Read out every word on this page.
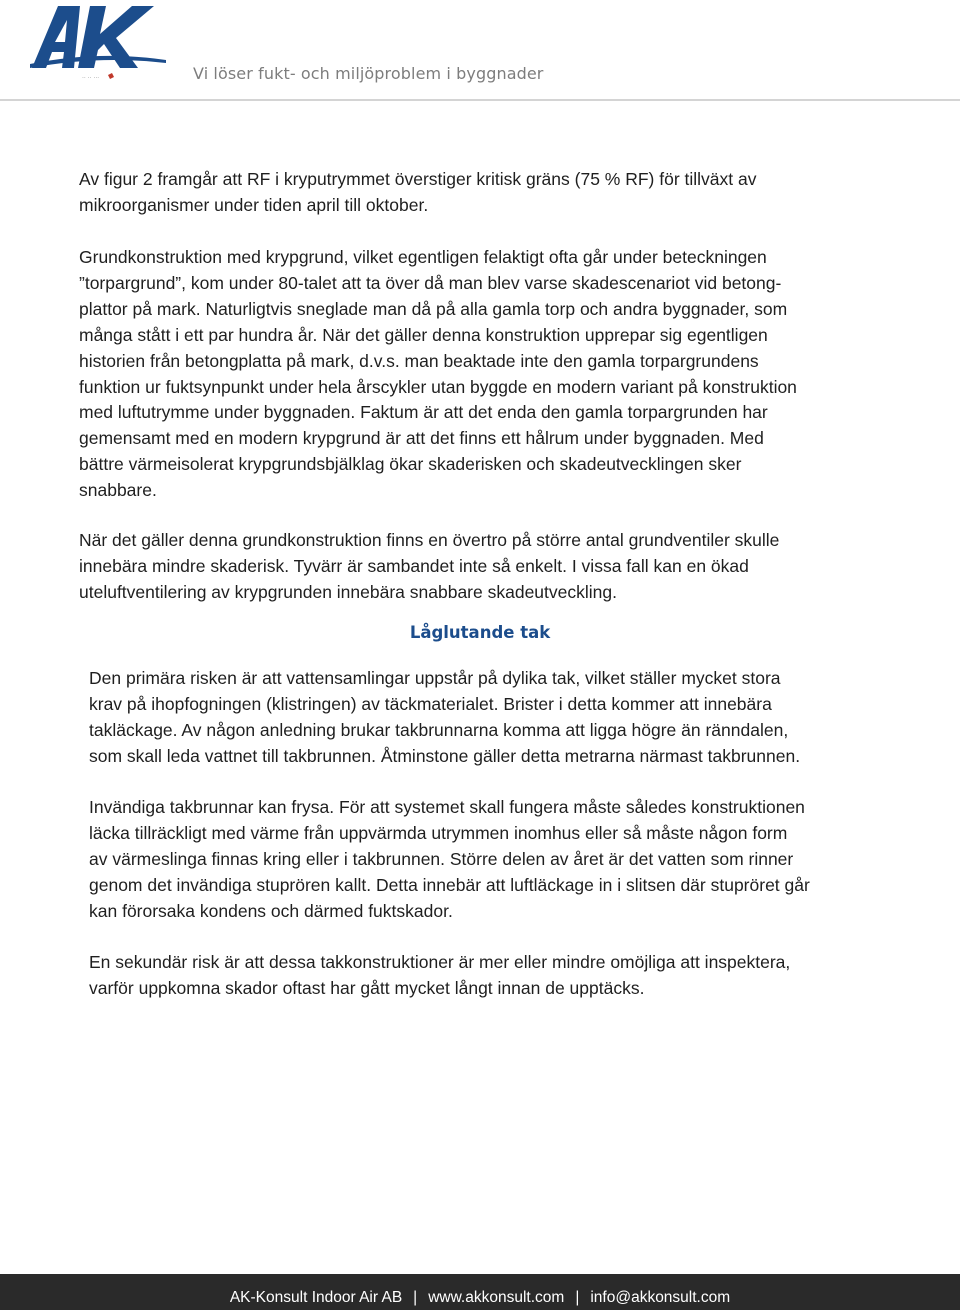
·· ·· ···	Vi löser fukt- och miljöproblem i byggnader
Av figur 2 framgår att RF i kryputrymmet överstiger kritisk gräns (75 % RF) för tillväxt av
mikroorganismer under tiden april till oktober.
Grundkonstruktion med krypgrund, vilket egentligen felaktigt ofta går under beteckningen
”torpargrund”, kom under 80-talet att ta över då man blev varse skadescenariot vid betong-
plattor på mark. Naturligtvis sneglade man då på alla gamla torp och andra byggnader, som
många stått i ett par hundra år. När det gäller denna konstruktion upprepar sig egentligen
historien från betongplatta på mark, d.v.s. man beaktade inte den gamla torpargrundens
funktion ur fuktsynpunkt under hela årscykler utan byggde en modern variant på konstruktion
med luftutrymme under byggnaden. Faktum är att det enda den gamla torpargrunden har
gemensamt med en modern krypgrund är att det finns ett hålrum under byggnaden. Med
bättre värmeisolerat krypgrundsbjälklag ökar skaderisken och skadeutvecklingen sker
snabbare.
När det gäller denna grundkonstruktion finns en övertro på större antal grundventiler skulle
innebära mindre skaderisk. Tyvärr är sambandet inte så enkelt. I vissa fall kan en ökad
uteluftventilering av krypgrunden innebära snabbare skadeutveckling.
Låglutande tak
Den primära risken är att vattensamlingar uppstår på dylika tak, vilket ställer mycket stora
krav på ihopfogningen (klistringen) av täckmaterialet. Brister i detta kommer att innebära
takläckage. Av någon anledning brukar takbrunnarna komma att ligga högre än ränndalen,
som skall leda vattnet till takbrunnen. Åtminstone gäller detta metrarna närmast takbrunnen.
Invändiga takbrunnar kan frysa. För att systemet skall fungera måste således konstruktionen
läcka tillräckligt med värme från uppvärmda utrymmen inomhus eller så måste någon form
av värmeslinga finnas kring eller i takbrunnen. Större delen av året är det vatten som rinner
genom det invändiga stuprören kallt. Detta innebär att luftläckage in i slitsen där stupröret går
kan förorsaka kondens och därmed fuktskador.
En sekundär risk är att dessa takkonstruktioner är mer eller mindre omöjliga att inspektera,
varför uppkomna skador oftast har gått mycket långt innan de upptäcks.
AK-Konsult Indoor Air AB | www.akkonsult.com | info@akkonsult.com
